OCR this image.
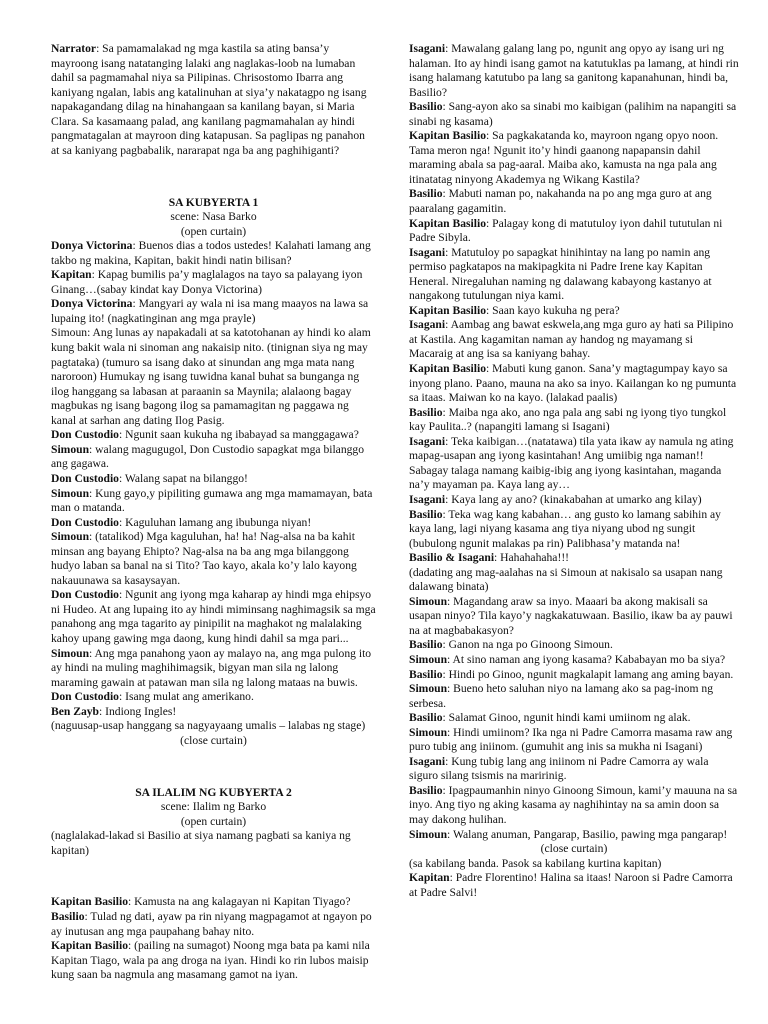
Narrator: Sa pamamalakad ng mga kastila sa ating bansa’y mayroong isang natatanging lalaki ang naglakas-loob na lumaban dahil sa pagmamahal niya sa Pilipinas. Chrisostomo Ibarra ang kaniyang ngalan, labis ang katalinuhan at siya’y nakatagpo ng isang napakagandang dilag na hinahangaan sa kanilang bayan, si Maria Clara. Sa kasamaang palad, ang kanilang pagmamahalan ay hindi pangmatagalan at mayroon ding katapusan. Sa paglipas ng panahon at sa kaniyang pagbabalik, nararapat nga ba ang paghihiganti?

SA KUBYERTA 1

scene: Nasa Barko

(open curtain)

Donya Victorina: Buenos dias a todos ustedes! Kalahati lamang ang takbo ng makina, Kapitan, bakit hindi natin bilisan?

Kapitan: Kapag bumilis pa’y maglalagos na tayo sa palayang iyon Ginang…(sabay kindat kay Donya Victorina)

Donya Victorina: Mangyari ay wala ni isa mang maayos na lawa sa lupaing ito! (nagkatinginan ang mga prayle)

Simoun: Ang lunas ay napakadali at sa katotohanan ay hindi ko alam kung bakit wala ni sinoman ang nakaisip nito. (tinignan siya ng may pagtataka) (tumuro sa isang dako at sinundan ang mga mata nang naroroon) Humukay ng isang tuwidna kanal buhat sa bunganga ng ilog hanggang sa labasan at paraanin sa Maynila; alalaong bagay magbukas ng isang bagong ilog sa pamamagitan ng paggawa ng kanal at sarhan ang dating Ilog Pasig.

Don Custodio: Ngunit saan kukuha ng ibabayad sa manggagawa?

Simoun: walang magugugol, Don Custodio sapagkat mga bilanggo ang gagawa.

Don Custodio: Walang sapat na bilanggo!

Simoun: Kung gayo,y pipiliting gumawa ang mga mamamayan, bata man o matanda.

Don Custodio: Kaguluhan lamang ang ibubunga niyan!

Simoun: (tatalikod) Mga kaguluhan, ha! ha! Nag-alsa na ba kahit minsan ang bayang Ehipto? Nag-alsa na ba ang mga bilanggong hudyo laban sa banal na si Tito? Tao kayo, akala ko’y lalo kayong nakauunawa sa kasaysayan.

Don Custodio: Ngunit ang iyong mga kaharap ay hindi mga ehipsyo ni Hudeo. At ang lupaing ito ay hindi miminsang naghimagsik sa mga panahong ang mga tagarito ay pinipilit na maghakot ng malalaking kahoy upang gawing mga daong, kung hindi dahil sa mga pari...

Simoun: Ang mga panahong yaon ay malayo na, ang mga pulong ito ay hindi na muling maghihimagsik, bigyan man sila ng lalong maraming gawain at patawan man sila ng lalong mataas na buwis.

Don Custodio: Isang mulat ang amerikano.

Ben Zayb: Indiong Ingles!

(naguusap-usap hanggang sa nagyayaang umalis – lalabas ng stage)

(close curtain)

SA ILALIM NG KUBYERTA 2

scene: Ilalim ng Barko

(open curtain)

(naglalakad-lakad si Basilio at siya namang pagbati sa kaniya ng kapitan)

Kapitan Basilio: Kamusta na ang kalagayan ni Kapitan Tiyago?

Basilio: Tulad ng dati, ayaw pa rin niyang magpagamot at ngayon po ay inutusan ang mga paupahang bahay nito.

Kapitan Basilio: (pailing na sumagot) Noong mga bata pa kami nila Kapitan Tiago, wala pa ang droga na iyan. Hindi ko rin lubos maisip kung saan ba nagmula ang masamang gamot na iyan.

Isagani: Mawalang galang lang po, ngunit ang opyo ay isang uri ng halaman. Ito ay hindi isang gamot na katutuklas pa lamang, at hindi rin isang halamang katutubo pa lang sa ganitong kapanahunan, hindi ba, Basilio?

Basilio: Sang-ayon ako sa sinabi mo kaibigan (palihim na napangiti sa sinabi ng kasama)

Kapitan Basilio: Sa pagkakatanda ko, mayroon ngang opyo noon. Tama meron nga! Ngunit ito’y hindi gaanong napapansin dahil maraming abala sa pag-aaral. Maiba ako, kamusta na nga pala ang itinatatag ninyong Akademya ng Wikang Kastila?

Basilio: Mabuti naman po, nakahanda na po ang mga guro at ang paaralang gagamitin.

Kapitan Basilio: Palagay kong di matutuloy iyon dahil tututulan ni Padre Sibyla.

Isagani: Matutuloy po sapagkat hinihintay na lang po namin ang permiso pagkatapos na makipagkita ni Padre Irene kay Kapitan Heneral. Niregaluhan naming ng dalawang kabayong kastanyo at nangakong tutulungan niya kami.

Kapitan Basilio: Saan kayo kukuha ng pera?

Isagani: Aambag ang bawat eskwela,ang mga guro ay hati sa Pilipino at Kastila. Ang kagamitan naman ay handog ng mayamang si Macaraig at ang isa sa kaniyang bahay.

Kapitan Basilio: Mabuti kung ganon. Sana’y magtagumpay kayo sa inyong plano. Paano, mauna na ako sa inyo. Kailangan ko ng pumunta sa itaas. Maiwan ko na kayo. (lalakad paalis)

Basilio: Maiba nga ako, ano nga pala ang sabi ng iyong tiyo tungkol kay Paulita..? (napangiti lamang si Isagani)

Isagani: Teka kaibigan…(natatawa) tila yata ikaw ay namula ng ating mapag-usapan ang iyong kasintahan! Ang umiibig nga naman!! Sabagay talaga namang kaibig-ibig ang iyong kasintahan, maganda na’y mayaman pa. Kaya lang ay…

Isagani: Kaya lang ay ano? (kinakabahan at umarko ang kilay)

Basilio: Teka wag kang kabahan… ang gusto ko lamang sabihin ay kaya lang, lagi niyang kasama ang tiya niyang ubod ng sungit (bubulong ngunit malakas pa rin) Palibhasa’y matanda na!

Basilio & Isagani: Hahahahaha!!!

(dadating ang mag-aalahas na si Simoun at nakisalo sa usapan nang dalawang binata)

Simoun: Magandang araw sa inyo. Maaari ba akong makisali sa usapan ninyo? Tila kayo’y nagkakatuwaan. Basilio, ikaw ba ay pauwi na at magbabakasyon?

Basilio: Ganon na nga po Ginoong Simoun.

Simoun: At sino naman ang iyong kasama? Kababayan mo ba siya?

Basilio: Hindi po Ginoo, ngunit magkalapit lamang ang aming bayan.

Simoun: Bueno heto saluhan niyo na lamang ako sa pag-inom ng serbesa.

Basilio: Salamat Ginoo, ngunit hindi kami umiinom ng alak.

Simoun: Hindi umiinom? Ika nga ni Padre Camorra masama raw ang puro tubig ang iniinom. (gumuhit ang inis sa mukha ni Isagani)

Isagani: Kung tubig lang ang iniinom ni Padre Camorra ay wala siguro silang tsismis na maririnig.

Basilio: Ipagpaumanhin ninyo Ginoong Simoun, kami’y mauuna na sa inyo. Ang tiyo ng aking kasama ay naghihintay na sa amin doon sa may dakong hulihan.

Simoun: Walang anuman, Pangarap, Basilio, pawing mga pangarap!

(close curtain)

(sa kabilang banda. Pasok sa kabilang kurtina kapitan)

Kapitan: Padre Florentino! Halina sa itaas! Naroon si Padre Camorra at Padre Salvi!
